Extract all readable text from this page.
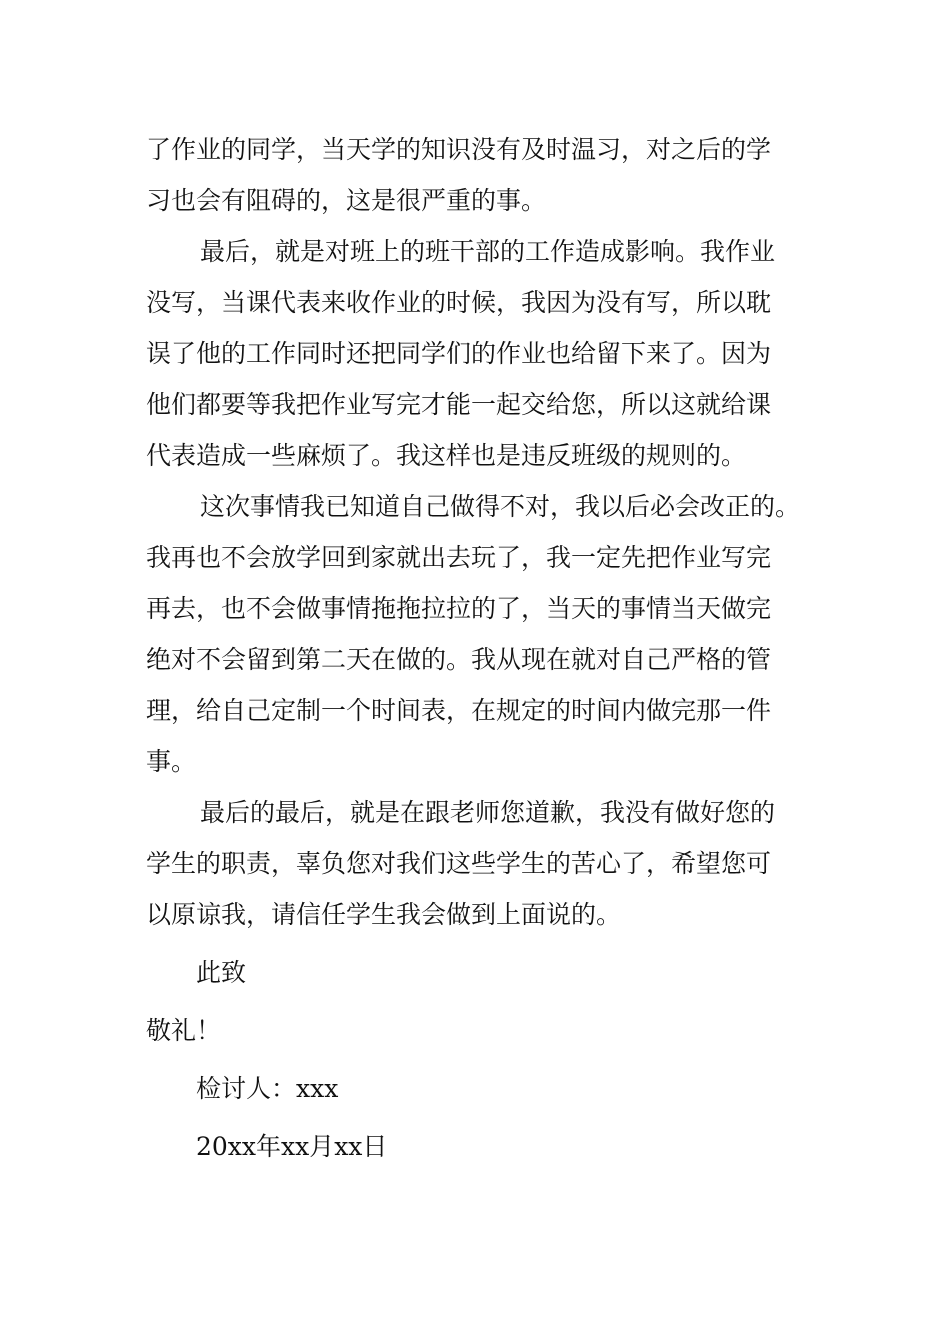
了作业的同学，当天学的知识没有及时温习，对之后的学
习也会有阻碍的，这是很严重的事。
最后，就是对班上的班干部的工作造成影响。我作业
没写，当课代表来收作业的时候，我因为没有写，所以耽
误了他的工作同时还把同学们的作业也给留下来了。因为
他们都要等我把作业写完才能一起交给您，所以这就给课
代表造成一些麻烦了。我这样也是违反班级的规则的。
这次事情我已知道自己做得不对，我以后必会改正的。
我再也不会放学回到家就出去玩了，我一定先把作业写完
再去，也不会做事情拖拖拉拉的了，当天的事情当天做完
绝对不会留到第二天在做的。我从现在就对自己严格的管
理，给自己定制一个时间表，在规定的时间内做完那一件
事。
最后的最后，就是在跟老师您道歉，我没有做好您的
学生的职责，辜负您对我们这些学生的苦心了，希望您可
以原谅我，请信任学生我会做到上面说的。
此致
敬礼！
检讨人：xxx
20xx年xx月xx日
